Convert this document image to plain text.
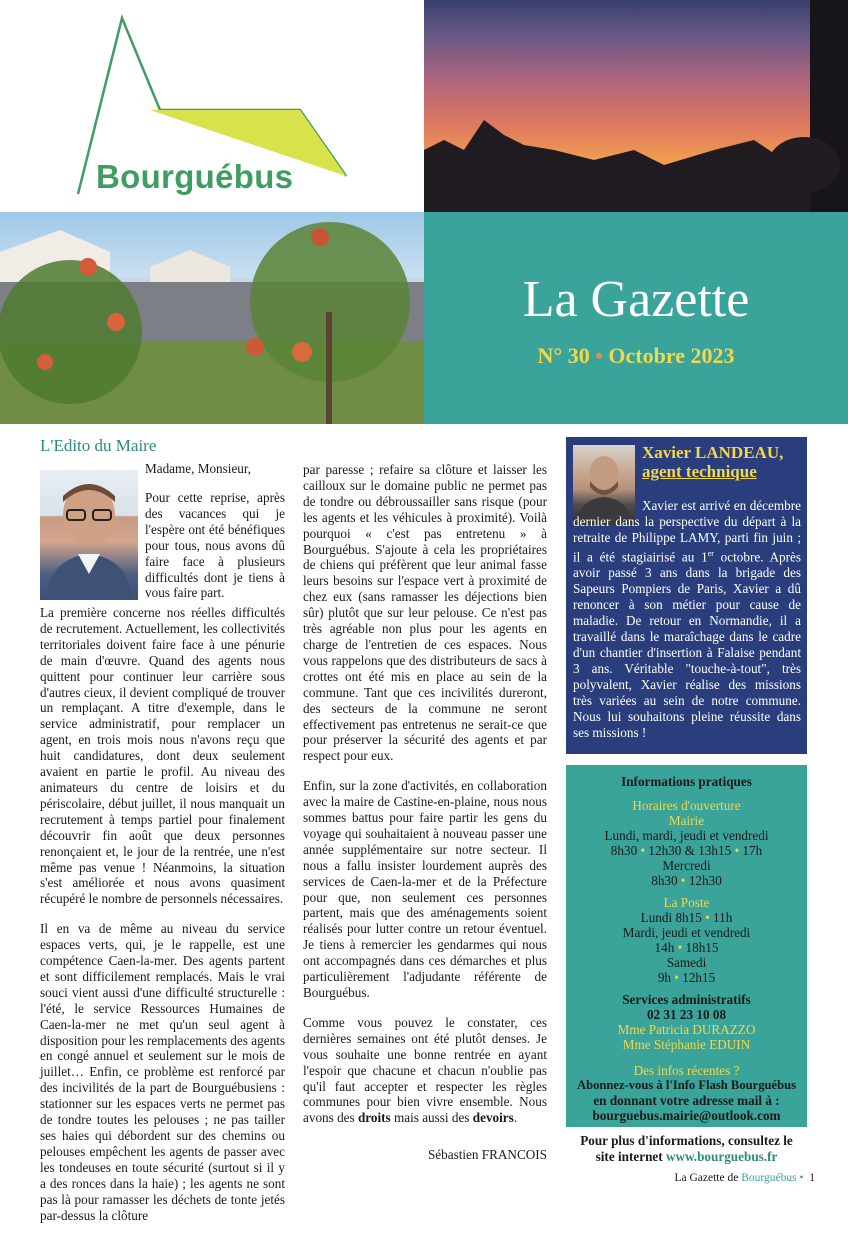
Bourguébus
La Gazette
N° 30 • Octobre 2023
L'Edito du Maire
Madame, Monsieur,
Pour cette reprise, après des vacances qui je l'espère ont été bénéfiques pour tous, nous avons dû faire face à plusieurs difficultés dont je tiens à vous faire part.

La première concerne nos réelles difficultés de recrutement. Actuellement, les collectivités territoriales doivent faire face à une pénurie de main d'œuvre. Quand des agents nous quittent pour continuer leur carrière sous d'autres cieux, il devient compliqué de trouver un remplaçant. A titre d'exemple, dans le service administratif, pour remplacer un agent, en trois mois nous n'avons reçu que huit candidatures, dont deux seulement avaient en partie le profil. Au niveau des animateurs du centre de loisirs et du périscolaire, début juillet, il nous manquait un recrutement à temps partiel pour finalement découvrir fin août que deux personnes renonçaient et, le jour de la rentrée, une n'est même pas venue ! Néanmoins, la situation s'est améliorée et nous avons quasiment récupéré le nombre de personnels nécessaires.

Il en va de même au niveau du service espaces verts, qui, je le rappelle, est une compétence Caen-la-mer. Des agents partent et sont difficilement remplacés. Mais le vrai souci vient aussi d'une difficulté structurelle : l'été, le service Ressources Humaines de Caen-la-mer ne met qu'un seul agent à disposition pour les remplacements des agents en congé annuel et seulement sur le mois de juillet… Enfin, ce problème est renforcé par des incivilités de la part de Bourguébusiens : stationner sur les espaces verts ne permet pas de tondre toutes les pelouses ; ne pas tailler ses haies qui débordent sur des chemins ou pelouses empêchent les agents de passer avec les tondeuses en toute sécurité (surtout si il y a des ronces dans la haie) ; les agents ne sont pas là pour ramasser les déchets de tonte jetés par-dessus la clôture

par paresse ; refaire sa clôture et laisser les cailloux sur le domaine public ne permet pas de tondre ou débroussailler sans risque (pour les agents et les véhicules à proximité). Voilà pourquoi « c'est pas entretenu » à Bourguébus. S'ajoute à cela les propriétaires de chiens qui préfèrent que leur animal fasse leurs besoins sur l'espace vert à proximité de chez eux (sans ramasser les déjections bien sûr) plutôt que sur leur pelouse. Ce n'est pas très agréable non plus pour les agents en charge de l'entretien de ces espaces. Nous vous rappelons que des distributeurs de sacs à crottes ont été mis en place au sein de la commune. Tant que ces incivilités dureront, des secteurs de la commune ne seront effectivement pas entretenus ne serait-ce que pour préserver la sécurité des agents et par respect pour eux.

Enfin, sur la zone d'activités, en collaboration avec la maire de Castine-en-plaine, nous nous sommes battus pour faire partir les gens du voyage qui souhaitaient à nouveau passer une année supplémentaire sur notre secteur. Il nous a fallu insister lourdement auprès des services de Caen-la-mer et de la Préfecture pour que, non seulement ces personnes partent, mais que des aménagements soient réalisés pour lutter contre un retour éventuel. Je tiens à remercier les gendarmes qui nous ont accompagnés dans ces démarches et plus particulièrement l'adjudante référente de Bourguébus.

Comme vous pouvez le constater, ces dernières semaines ont été plutôt denses. Je vous souhaite une bonne rentrée en ayant l'espoir que chacune et chacun n'oublie pas qu'il faut accepter et respecter les règles communes pour bien vivre ensemble. Nous avons des droits mais aussi des devoirs.

Sébastien FRANCOIS
Xavier LANDEAU,
agent technique
Xavier est arrivé en décembre dernier dans la perspective du départ à la retraite de Philippe LAMY, parti fin juin ; il a été stagiairisé au 1er octobre. Après avoir passé 3 ans dans la brigade des Sapeurs Pompiers de Paris, Xavier a dû renoncer à son métier pour cause de maladie. De retour en Normandie, il a travaillé dans le maraîchage dans le cadre d'un chantier d'insertion à Falaise pendant 3 ans. Véritable "touche-à-tout", très polyvalent, Xavier réalise des missions très variées au sein de notre commune. Nous lui souhaitons pleine réussite dans ses missions !
Informations pratiques
Horaires d'ouverture
Mairie
Lundi, mardi, jeudi et vendredi
8h30 • 12h30 & 13h15 • 17h
Mercredi
8h30 • 12h30
La Poste
Lundi 8h15 • 11h
Mardi, jeudi et vendredi
14h • 18h15
Samedi
9h • 12h15
Services administratifs
02 31 23 10 08
Mme Patricia DURAZZO
Mme Stéphanie EDUIN
Des infos récentes ?
Abonnez-vous à l'Info Flash Bourguébus
en donnant votre adresse mail à :
bourguebus.mairie@outlook.com
Pour plus d'informations, consultez le
site internet www.bourguebus.fr
La Gazette de Bourguébus • 1
